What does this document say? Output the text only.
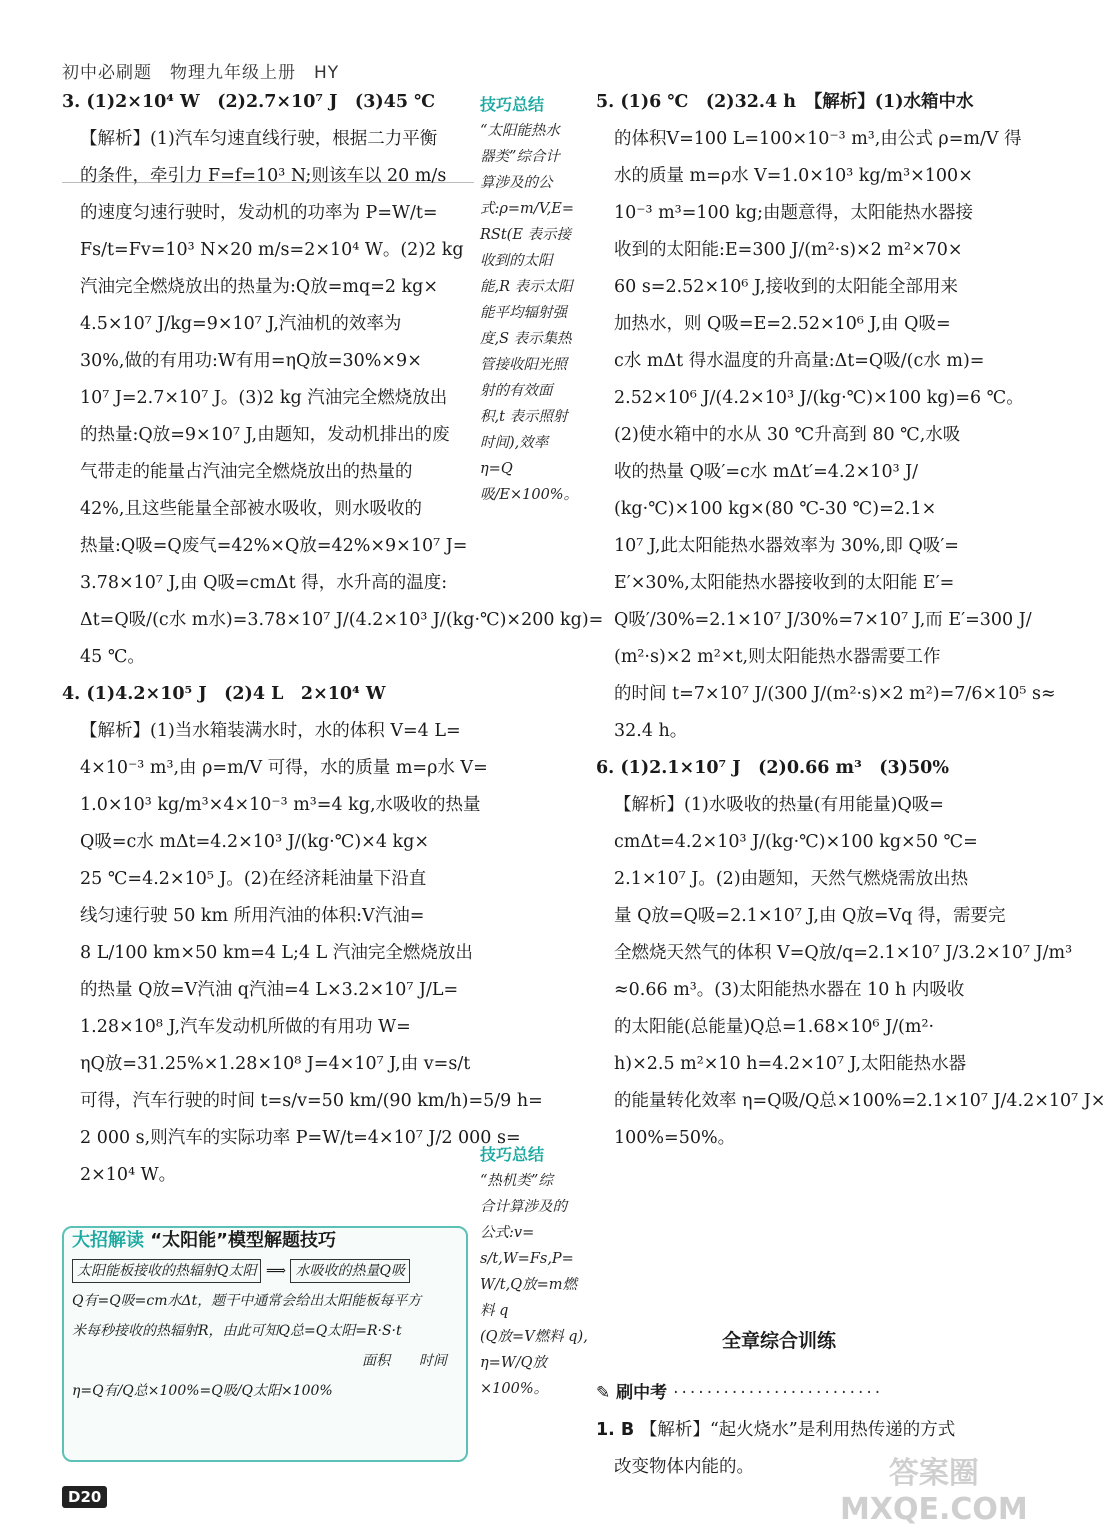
初中必刷题　物理九年级上册　HY

3. (1)2×10⁴ W　(2)2.7×10⁷ J　(3)45 ℃

【解析】(1)汽车匀速直线行驶，根据二力平衡

的条件，牵引力 F=f=10³ N;则该车以 20 m/s

的速度匀速行驶时，发动机的功率为 P=W/t=

Fs/t=Fv=10³ N×20 m/s=2×10⁴ W。(2)2 kg

汽油完全燃烧放出的热量为:Q放=mq=2 kg×

4.5×10⁷ J/kg=9×10⁷ J,汽油机的效率为

30%,做的有用功:W有用=ηQ放=30%×9×

10⁷ J=2.7×10⁷ J。(3)2 kg 汽油完全燃烧放出

的热量:Q放=9×10⁷ J,由题知，发动机排出的废

气带走的能量占汽油完全燃烧放出的热量的

42%,且这些能量全部被水吸收，则水吸收的

热量:Q吸=Q废气=42%×Q放=42%×9×10⁷ J=

3.78×10⁷ J,由 Q吸=cmΔt 得，水升高的温度:

Δt=Q吸/(c水 m水)=3.78×10⁷ J/(4.2×10³ J/(kg·℃)×200 kg)=

45 ℃。

4. (1)4.2×10⁵ J　(2)4 L　2×10⁴ W

【解析】(1)当水箱装满水时，水的体积 V=4 L=

4×10⁻³ m³,由 ρ=m/V 可得，水的质量 m=ρ水 V=

1.0×10³ kg/m³×4×10⁻³ m³=4 kg,水吸收的热量

Q吸=c水 mΔt=4.2×10³ J/(kg·℃)×4 kg×

25 ℃=4.2×10⁵ J。(2)在经济耗油量下沿直

线匀速行驶 50 km 所用汽油的体积:V汽油=

8 L/100 km×50 km=4 L;4 L 汽油完全燃烧放出

的热量 Q放=V汽油 q汽油=4 L×3.2×10⁷ J/L=

1.28×10⁸ J,汽车发动机所做的有用功 W=

ηQ放=31.25%×1.28×10⁸ J=4×10⁷ J,由 v=s/t

可得，汽车行驶的时间 t=s/v=50 km/(90 km/h)=5/9 h=

2 000 s,则汽车的实际功率 P=W/t=4×10⁷ J/2 000 s=

2×10⁴ W。

5. (1)6 ℃　(2)32.4 h　【解析】(1)水箱中水

的体积V=100 L=100×10⁻³ m³,由公式 ρ=m/V 得

水的质量 m=ρ水 V=1.0×10³ kg/m³×100×

10⁻³ m³=100 kg;由题意得，太阳能热水器接

收到的太阳能:E=300 J/(m²·s)×2 m²×70×

60 s=2.52×10⁶ J,接收到的太阳能全部用来

加热水，则 Q吸=E=2.52×10⁶ J,由 Q吸=

c水 mΔt 得水温度的升高量:Δt=Q吸/(c水 m)=

2.52×10⁶ J/(4.2×10³ J/(kg·℃)×100 kg)=6 ℃。

(2)使水箱中的水从 30 ℃升高到 80 ℃,水吸

收的热量 Q吸′=c水 mΔt′=4.2×10³ J/

(kg·℃)×100 kg×(80 ℃-30 ℃)=2.1×

10⁷ J,此太阳能热水器效率为 30%,即 Q吸′=

E′×30%,太阳能热水器接收到的太阳能 E′=

Q吸′/30%=2.1×10⁷ J/30%=7×10⁷ J,而 E′=300 J/

(m²·s)×2 m²×t,则太阳能热水器需要工作

的时间 t=7×10⁷ J/(300 J/(m²·s)×2 m²)=7/6×10⁵ s≈

32.4 h。

6. (1)2.1×10⁷ J　(2)0.66 m³　(3)50%

【解析】(1)水吸收的热量(有用能量)Q吸=

cmΔt=4.2×10³ J/(kg·℃)×100 kg×50 ℃=

2.1×10⁷ J。(2)由题知，天然气燃烧需放出热

量 Q放=Q吸=2.1×10⁷ J,由 Q放=Vq 得，需要完

全燃烧天然气的体积 V=Q放/q=2.1×10⁷ J/3.2×10⁷ J/m³

≈0.66 m³。(3)太阳能热水器在 10 h 内吸收

的太阳能(总能量)Q总=1.68×10⁶ J/(m²·

h)×2.5 m²×10 h=4.2×10⁷ J,太阳能热水器

的能量转化效率 η=Q吸/Q总×100%=2.1×10⁷ J/4.2×10⁷ J×

100%=50%。

技巧总结
“太阳能热水
器类”综合计
算涉及的公
式:ρ=m/V,E=
RSt(E 表示接
收到的太阳
能,R 表示太阳
能平均辐射强
度,S 表示集热
管接收阳光照
射的有效面
积,t 表示照射
时间),效率
η=Q吸/E×100%。
技巧总结
“热机类”综
合计算涉及的
公式:v=
s/t,W=Fs,P=
W/t,Q放=m燃料 q
(Q放=V燃料 q),
η=W/Q放×100%。
大招解读 “太阳能”模型解题技巧
太阳能板接收的热辐射Q太阳 ⟹ 水吸收的热量Q吸
Q有=Q吸=cm水Δt，题干中通常会给出太阳能板每平方
米每秒接收的热辐射R，由此可知Q总=Q太阳=R·S·t
面积 时间
η=Q有/Q总×100%=Q吸/Q太阳×100%
全章综合训练
✎ 刷中考 ·························

1. B 【解析】“起火烧水”是利用热传递的方式

改变物体内能的。

D20
答案圈 MXQE.COM
